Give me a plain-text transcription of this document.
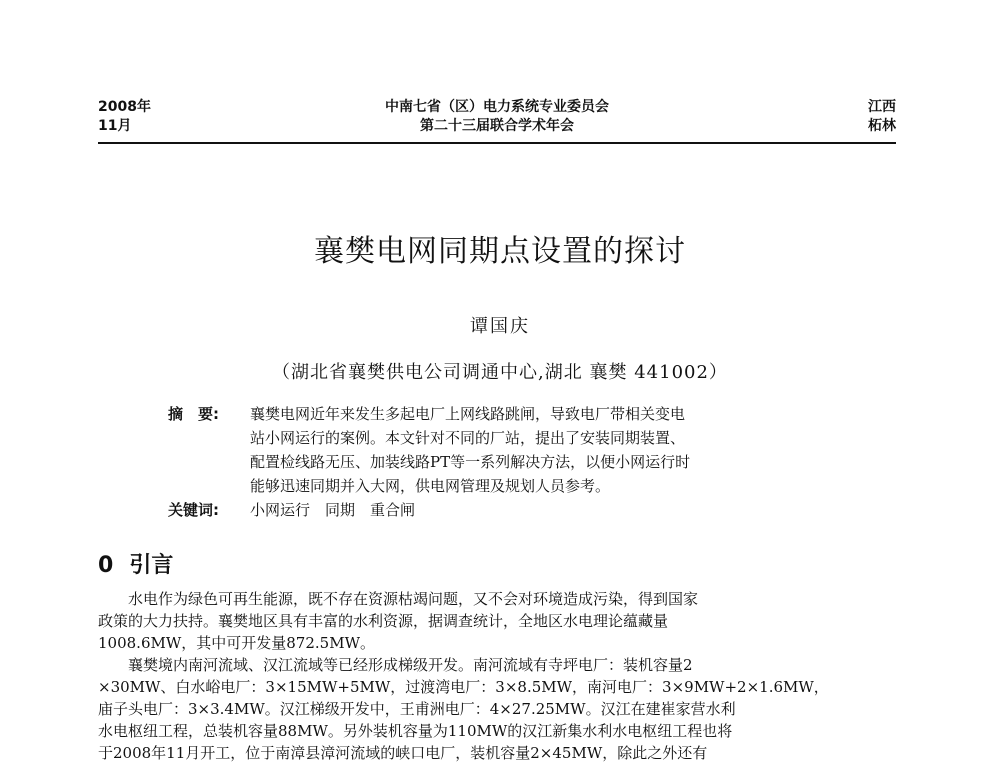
2008年
11月
中南七省（区）电力系统专业委员会
第二十三届联合学术年会
江西
柘林
襄樊电网同期点设置的探讨
谭国庆
（湖北省襄樊供电公司调通中心,湖北 襄樊 441002）
摘　要:	襄樊电网近年来发生多起电厂上网线路跳闸，导致电厂带相关变电
站小网运行的案例。本文针对不同的厂站，提出了安装同期装置、
配置检线路无压、加装线路PT等一系列解决方法，以便小网运行时
能够迅速同期并入大网，供电网管理及规划人员参考。
关键词:	小网运行　同期　重合闸
0 引言
水电作为绿色可再生能源，既不存在资源枯竭问题，又不会对环境造成污染，得到国家
政策的大力扶持。襄樊地区具有丰富的水利资源，据调查统计，全地区水电理论蕴藏量
1008.6MW，其中可开发量872.5MW。
襄樊境内南河流域、汉江流域等已经形成梯级开发。南河流域有寺坪电厂：装机容量2
×30MW、白水峪电厂：3×15MW+5MW，过渡湾电厂：3×8.5MW，南河电厂：3×9MW+2×1.6MW，
庙子头电厂：3×3.4MW。汉江梯级开发中，王甫洲电厂：4×27.25MW。汉江在建崔家营水利
水电枢纽工程，总装机容量88MW。另外装机容量为110MW的汉江新集水利水电枢纽工程也将
于2008年11月开工，位于南漳县漳河流域的峡口电厂，装机容量2×45MW，除此之外还有
